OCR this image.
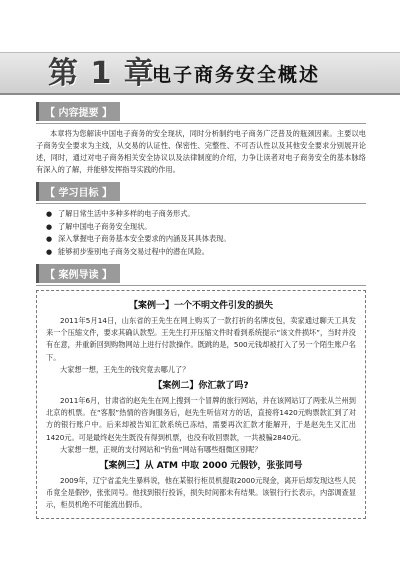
第 1 章
电子商务安全概述
【 内容提要 】

本章将为您解读中国电子商务的安全现状，同时分析制约电子商务广泛普及的瓶颈因素。主要以电子商务安全要求为主线，从交易的认证性、保密性、完整性、不可否认性以及其他安全要求分别展开论述，同时，通过对电子商务相关安全协议以及法律制度的介绍，力争让读者对电子商务安全的基本脉络有深入的了解，并能够发挥指导实践的作用。

【 学习目标 】
● 了解日常生活中多种多样的电子商务形式。
● 了解中国电子商务安全现状。
● 深入掌握电子商务基本安全要求的内涵及其具体表现。
● 能够初步鉴别电子商务交易过程中的潜在风险。
【 案例导读 】
【案例一】一个不明文件引发的损失

2011年5月14日，山东省的王先生在网上购买了一款打折的名牌皮包，卖家通过聊天工具发来一个压缩文件，要求其确认款型。王先生打开压缩文件时看到系统提示“该文件损坏”，当时并没有在意，并重新回到购物网站上进行付款操作。既跳的是，500元钱却被打入了另一个陌生账户名下。

大家想一想，王先生的钱究竟去哪儿了？

【案例二】你汇款了吗?

2011年6月，甘肃省的赵先生在网上搜到一个冒牌的旅行网站，并在该网站订了两张从兰州到北京的机票。在“客服”热情的咨询服务后，赵先生听信对方的话，直接将1420元购票款汇到了对方的银行账户中。后来却被告知汇款系统已冻结，需要再次汇款才能解开，于是赵先生又汇出1420元。可是最终赵先生既没有得到机票，也没有收回票款，一共被骗2840元。

大家想一想，正规的支付网站和“钓鱼”网站有哪些细微区别呢？

【案例三】从 ATM 中取 2000 元假钞，张张同号

2009年，辽宁省孟先生暴料说，他在某银行柜员机提取2000元现金，离开后却发现这些人民币竟全是假钞，张张同号。他找到银行投诉，损失时间都未有结果。该银行行长表示，内部调查显示，柜员机绝不可能流出假币。
